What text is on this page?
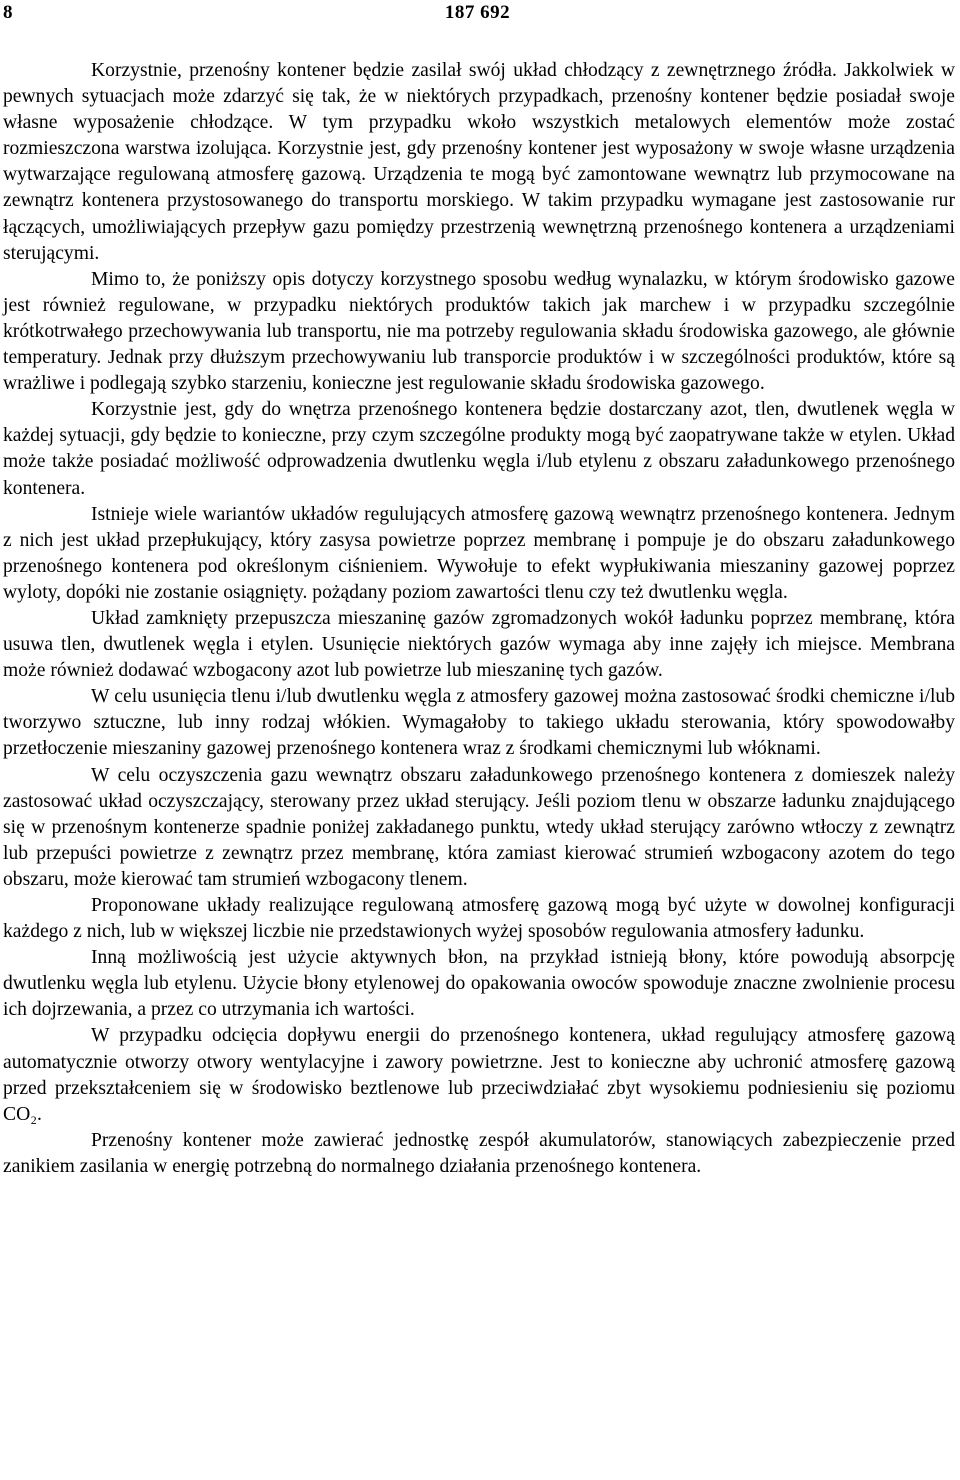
8	187 692

Korzystnie, przenośny kontener będzie zasilał swój układ chłodzący z zewnętrznego źródła. Jakkolwiek w pewnych sytuacjach może zdarzyć się tak, że w niektórych przypadkach, przenośny kontener będzie posiadał swoje własne wyposażenie chłodzące. W tym przypadku wkoło wszystkich metalowych elementów może zostać rozmieszczona warstwa izolująca. Korzystnie jest, gdy przenośny kontener jest wyposażony w swoje własne urządzenia wytwarzające regulowaną atmosferę gazową. Urządzenia te mogą być zamontowane wewnątrz lub przymocowane na zewnątrz kontenera przystosowanego do transportu morskiego. W takim przypadku wymagane jest zastosowanie rur łączących, umożliwiających przepływ gazu pomiędzy przestrzenią wewnętrzną przenośnego kontenera a urządzeniami sterującymi.

Mimo to, że poniższy opis dotyczy korzystnego sposobu według wynalazku, w którym środowisko gazowe jest również regulowane, w przypadku niektórych produktów takich jak marchew i w przypadku szczególnie krótkotrwałego przechowywania lub transportu, nie ma potrzeby regulowania składu środowiska gazowego, ale głównie temperatury. Jednak przy dłuższym przechowywaniu lub transporcie produktów i w szczególności produktów, które są wrażliwe i podlegają szybko starzeniu, konieczne jest regulowanie składu środowiska gazowego.

Korzystnie jest, gdy do wnętrza przenośnego kontenera będzie dostarczany azot, tlen, dwutlenek węgla w każdej sytuacji, gdy będzie to konieczne, przy czym szczególne produkty mogą być zaopatrywane także w etylen. Układ może także posiadać możliwość odprowadzenia dwutlenku węgla i/lub etylenu z obszaru załadunkowego przenośnego kontenera.

Istnieje wiele wariantów układów regulujących atmosferę gazową wewnątrz przenośnego kontenera. Jednym z nich jest układ przepłukujący, który zasysa powietrze poprzez membranę i pompuje je do obszaru załadunkowego przenośnego kontenera pod określonym ciśnieniem. Wywołuje to efekt wypłukiwania mieszaniny gazowej poprzez wyloty, dopóki nie zostanie osiągnięty. pożądany poziom zawartości tlenu czy też dwutlenku węgla.

Układ zamknięty przepuszcza mieszaninę gazów zgromadzonych wokół ładunku poprzez membranę, która usuwa tlen, dwutlenek węgla i etylen. Usunięcie niektórych gazów wymaga aby inne zajęły ich miejsce. Membrana może również dodawać wzbogacony azot lub powietrze lub mieszaninę tych gazów.

W celu usunięcia tlenu i/lub dwutlenku węgla z atmosfery gazowej można zastosować środki chemiczne i/lub tworzywo sztuczne, lub inny rodzaj włókien. Wymagałoby to takiego układu sterowania, który spowodowałby przetłoczenie mieszaniny gazowej przenośnego kontenera wraz z środkami chemicznymi lub włóknami.

W celu oczyszczenia gazu wewnątrz obszaru załadunkowego przenośnego kontenera z domieszek należy zastosować układ oczyszczający, sterowany przez układ sterujący. Jeśli poziom tlenu w obszarze ładunku znajdującego się w przenośnym kontenerze spadnie poniżej zakładanego punktu, wtedy układ sterujący zarówno wtłoczy z zewnątrz lub przepuści powietrze z zewnątrz przez membranę, która zamiast kierować strumień wzbogacony azotem do tego obszaru, może kierować tam strumień wzbogacony tlenem.

Proponowane układy realizujące regulowaną atmosferę gazową mogą być użyte w dowolnej konfiguracji każdego z nich, lub w większej liczbie nie przedstawionych wyżej sposobów regulowania atmosfery ładunku.

Inną możliwością jest użycie aktywnych błon, na przykład istnieją błony, które powodują absorpcję dwutlenku węgla lub etylenu. Użycie błony etylenowej do opakowania owoców spowoduje znaczne zwolnienie procesu ich dojrzewania, a przez co utrzymania ich wartości.

W przypadku odcięcia dopływu energii do przenośnego kontenera, układ regulujący atmosferę gazową automatycznie otworzy otwory wentylacyjne i zawory powietrzne. Jest to konieczne aby uchronić atmosferę gazową przed przekształceniem się w środowisko beztlenowe lub przeciwdziałać zbyt wysokiemu podniesieniu się poziomu CO₂.

Przenośny kontener może zawierać jednostkę zespół akumulatorów, stanowiących zabezpieczenie przed zanikiem zasilania w energię potrzebną do normalnego działania przenośnego kontenera.
